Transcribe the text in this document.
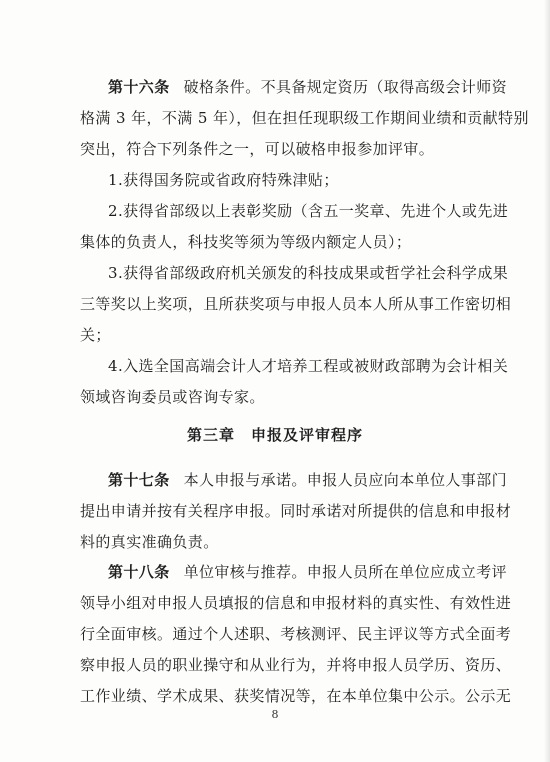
第十六条 破格条件。不具备规定资历（取得高级会计师资
格满 3 年，不满 5 年），但在担任现职级工作期间业绩和贡献特别
突出，符合下列条件之一，可以破格申报参加评审。
1.获得国务院或省政府特殊津贴；
2.获得省部级以上表彰奖励（含五一奖章、先进个人或先进
集体的负责人，科技奖等须为等级内额定人员）；
3.获得省部级政府机关颁发的科技成果或哲学社会科学成果
三等奖以上奖项，且所获奖项与申报人员本人所从事工作密切相
关；
4.入选全国高端会计人才培养工程或被财政部聘为会计相关
领域咨询委员或咨询专家。
第三章　申报及评审程序
第十七条 本人申报与承诺。申报人员应向本单位人事部门
提出申请并按有关程序申报。同时承诺对所提供的信息和申报材
料的真实准确负责。
第十八条 单位审核与推荐。申报人员所在单位应成立考评
领导小组对申报人员填报的信息和申报材料的真实性、有效性进
行全面审核。通过个人述职、考核测评、民主评议等方式全面考
察申报人员的职业操守和从业行为，并将申报人员学历、资历、
工作业绩、学术成果、获奖情况等，在本单位集中公示。公示无
8
